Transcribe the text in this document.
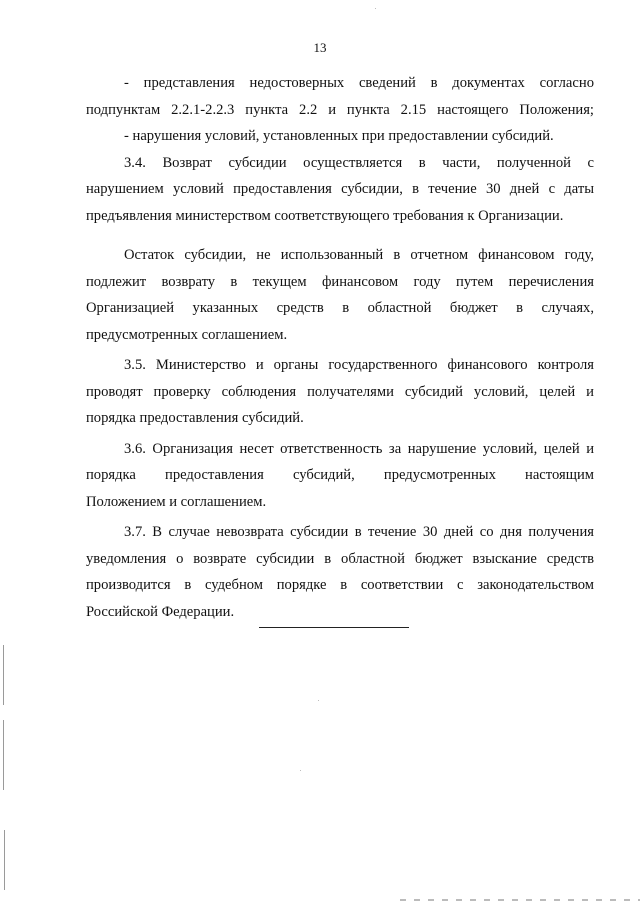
13

- представления недостоверных сведений в документах согласно
подпунктам 2.2.1-2.2.3 пункта 2.2 и пункта 2.15 настоящего Положения;

- нарушения условий, установленных при предоставлении субсидий.

3.4. Возврат субсидии осуществляется в части, полученной с
нарушением условий предоставления субсидии, в течение 30 дней с даты
предъявления министерством соответствующего требования к Организации.

Остаток субсидии, не использованный в отчетном финансовом году,
подлежит возврату в текущем финансовом году путем перечисления
Организацией указанных средств в областной бюджет в случаях,
предусмотренных соглашением.

3.5. Министерство и органы государственного финансового контроля
проводят проверку соблюдения получателями субсидий условий, целей и
порядка предоставления субсидий.

3.6. Организация несет ответственность за нарушение условий, целей и
порядка предоставления субсидий, предусмотренных настоящим
Положением и соглашением.

3.7. В случае невозврата субсидии в течение 30 дней со дня получения
уведомления о возврате субсидии в областной бюджет взыскание средств
производится в судебном порядке в соответствии с законодательством
Российской Федерации.
